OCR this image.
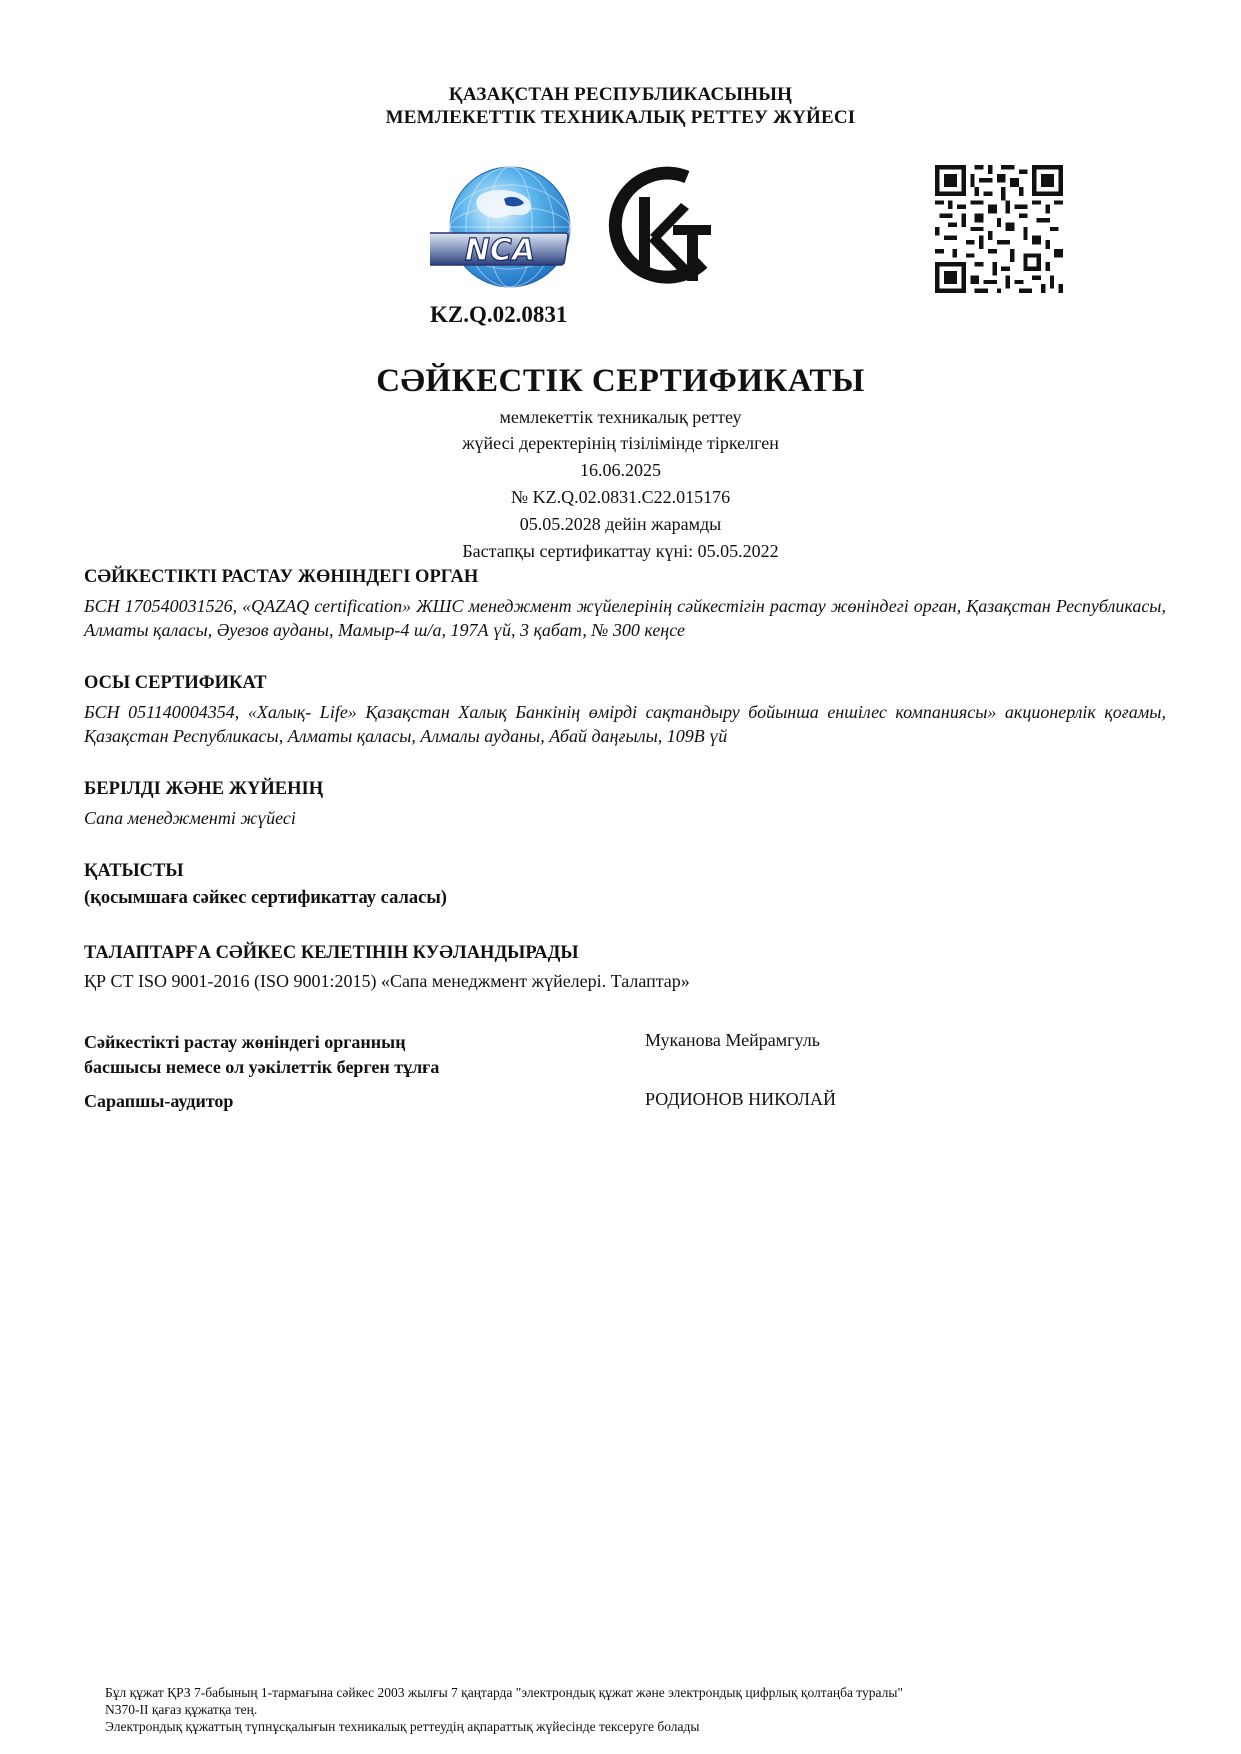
ҚАЗАҚСТАН РЕСПУБЛИКАСЫНЫҢ
МЕМЛЕКЕТТІК ТЕХНИКАЛЫҚ РЕТТЕУ ЖҮЙЕСІ
NCA
KZ.Q.02.0831
СӘЙКЕСТІК СЕРТИФИКАТЫ
мемлекеттік техникалық реттеу
жүйесі деректерінің тізілімінде тіркелген
16.06.2025
№ KZ.Q.02.0831.C22.015176
05.05.2028 дейін жарамды
Бастапқы сертификаттау күні: 05.05.2022
СӘЙКЕСТІКТІ РАСТАУ ЖӨНІНДЕГІ ОРГАН
БСН 170540031526, «QAZAQ certification» ЖШС менеджмент жүйелерінің сәйкестігін растау жөніндегі орган, Қазақстан Республикасы, Алматы қаласы, Әуезов ауданы, Мамыр-4 ш/а, 197А үй, 3 қабат, № 300 кеңсе
ОСЫ СЕРТИФИКАТ
БСН 051140004354, «Халық- Life» Қазақстан Халық Банкінің өмірді сақтандыру бойынша еншілес компаниясы» акционерлік қоғамы, Қазақстан Республикасы, Алматы қаласы, Алмалы ауданы, Абай даңғылы, 109В үй
БЕРІЛДІ ЖӘНЕ ЖҮЙЕНІҢ
Сапа менеджменті жүйесі
ҚАТЫСТЫ
(қосымшаға сәйкес сертификаттау саласы)
ТАЛАПТАРҒА СӘЙКЕС КЕЛЕТІНІН КУӘЛАНДЫРАДЫ
ҚР СТ ISO 9001-2016 (ISO 9001:2015) «Сапа менеджмент жүйелері. Талаптар»
Сәйкестікті растау жөніндегі органның
басшысы немесе ол уәкілеттік берген тұлға
Муканова Мейрамгуль
Сарапшы-аудитор	РОДИОНОВ НИКОЛАЙ
Бұл құжат ҚРЗ 7-бабының 1-тармағына сәйкес 2003 жылғы 7 қаңтарда "электрондық құжат және электрондық цифрлық қолтаңба туралы"
N370-II қағаз құжатқа тең.
Электрондық құжаттың түпнұсқалығын техникалық реттеудің ақпараттық жүйесінде тексеруге болады
